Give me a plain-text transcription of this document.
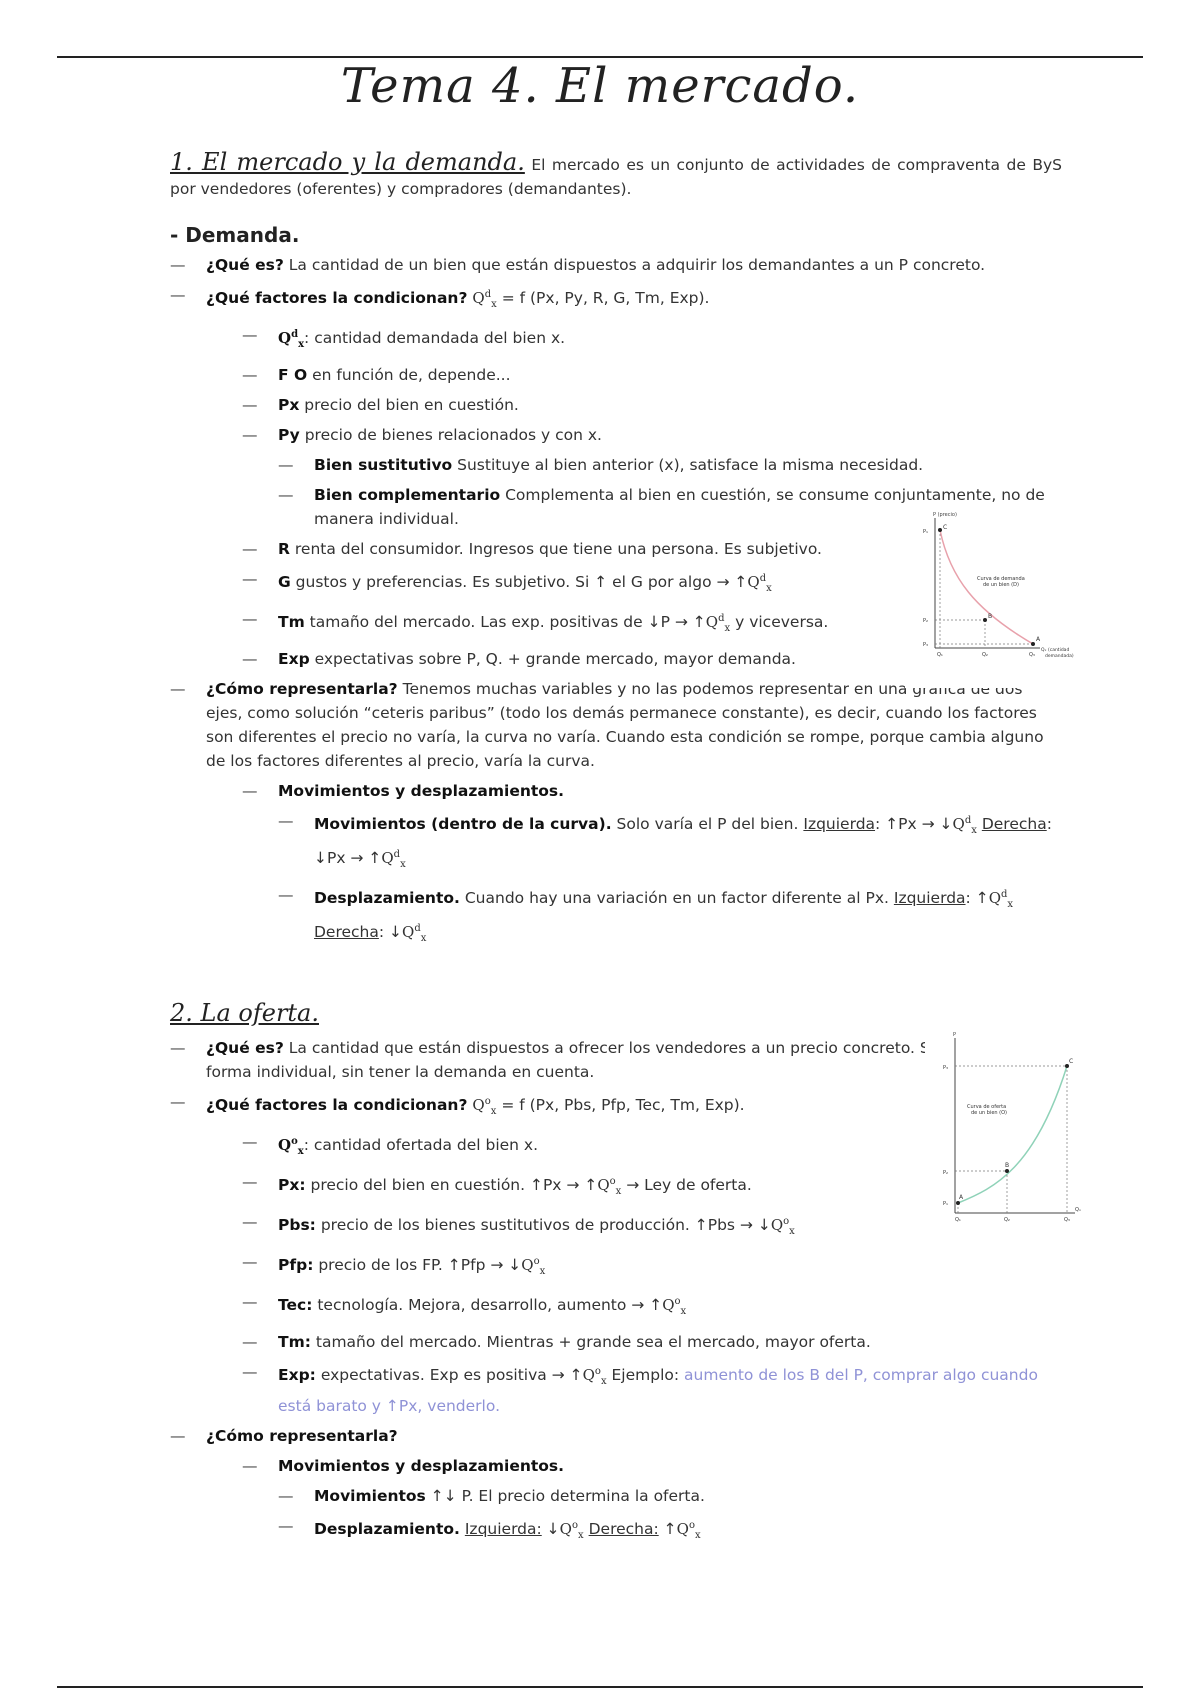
Tema 4. El mercado.

1. El mercado y la demanda. El mercado es un conjunto de actividades de compraventa de ByS por vendedores (oferentes) y compradores (demandantes).

- Demanda.
— ¿Qué es? La cantidad de un bien que están dispuestos a adquirir los demandantes a un P concreto.
— ¿Qué factores la condicionan? $Q^d_x = f$ (Px, Py, R, G, Tm, Exp).
— $Q^d_x$: cantidad demandada del bien x.
— F O en función de, depende...
— Px precio del bien en cuestión.
— Py precio de bienes relacionados y con x.
— Bien sustitutivo Sustituye al bien anterior (x), satisface la misma necesidad.
— Bien complementario Complementa al bien en cuestión, se consume conjuntamente, no de manera individual.
— R renta del consumidor. Ingresos que tiene una persona. Es subjetivo.
— G gustos y preferencias. Es subjetivo. Si ↑ el G por $algo \to ↑Q^d_x$
— Tm tamaño del mercado. Las exp. positivas de ↓P → $↑Q^d_x$ y viceversa.
— Exp expectativas sobre P, Q. + grande mercado, mayor demanda.
— ¿Cómo representarla? Tenemos muchas variables y no las podemos representar en una gráfica de dos ejes, como solución “ceteris paribus” (todo los demás permanece constante), es decir, cuando los factores son diferentes el precio no varía, la curva no varía. Cuando esta condición se rompe, porque cambia alguno de los factores diferentes al precio, varía la curva.
— Movimientos y desplazamientos.
— Movimientos (dentro de la curva). Solo varía el P del bien. Izquierda: ↑Px → $↓Q^d_x$ Derecha: ↓Px → $↑Q^d_x$
— Desplazamiento. Cuando hay una variación en un factor diferente al Px. Izquierda: $↑Q^d_x$ Derecha: $↓Q^d_x$
2. La oferta.
— ¿Qué es? La cantidad que están dispuestos a ofrecer los vendedores a un precio concreto. Se analiza de forma individual, sin tener la demanda en cuenta.
— ¿Qué factores la condicionan? $Q^o_x = f$ (Px, Pbs, Pfp, Tec, Tm, Exp).
— $Q^o_x$: cantidad ofertada del bien x.
— Px: precio del bien en cuestión. ↑Px → $↑Q^o_x$ → Ley de oferta.
— Pbs: precio de los bienes sustitutivos de producción. ↑Pbs → $↓Q^o_x$
— Pfp: precio de los FP. ↑Pfp → $↓Q^o_x$
— Tec: tecnología. Mejora, desarrollo, aumento → $↑Q^o_x$
— Tm: tamaño del mercado. Mientras + grande sea el mercado, mayor oferta.
— Exp: expectativas. Exp es positiva → $↑Q^o_x$ Ejemplo: aumento de los B del P, comprar algo cuando está barato y ↑Px, venderlo.
— ¿Cómo representarla?
— Movimientos y desplazamientos.
— Movimientos ↑↓ P. El precio determina la oferta.
— Desplazamiento. Izquierda: $↓Q^o_x$ Derecha: $↑Q^o_x$
P (precio)
C
B
A
P₁
P₂
P₃
Q₁	Q₂	Q₃
Curva de demanda
de un bien (D)
Qₓ (cantidad
demandada)
P
A
B
C
P₃
P₂
P₁
Q₁	Q₂	Q₃
Curva de oferta
de un bien (O)
Qₓ
